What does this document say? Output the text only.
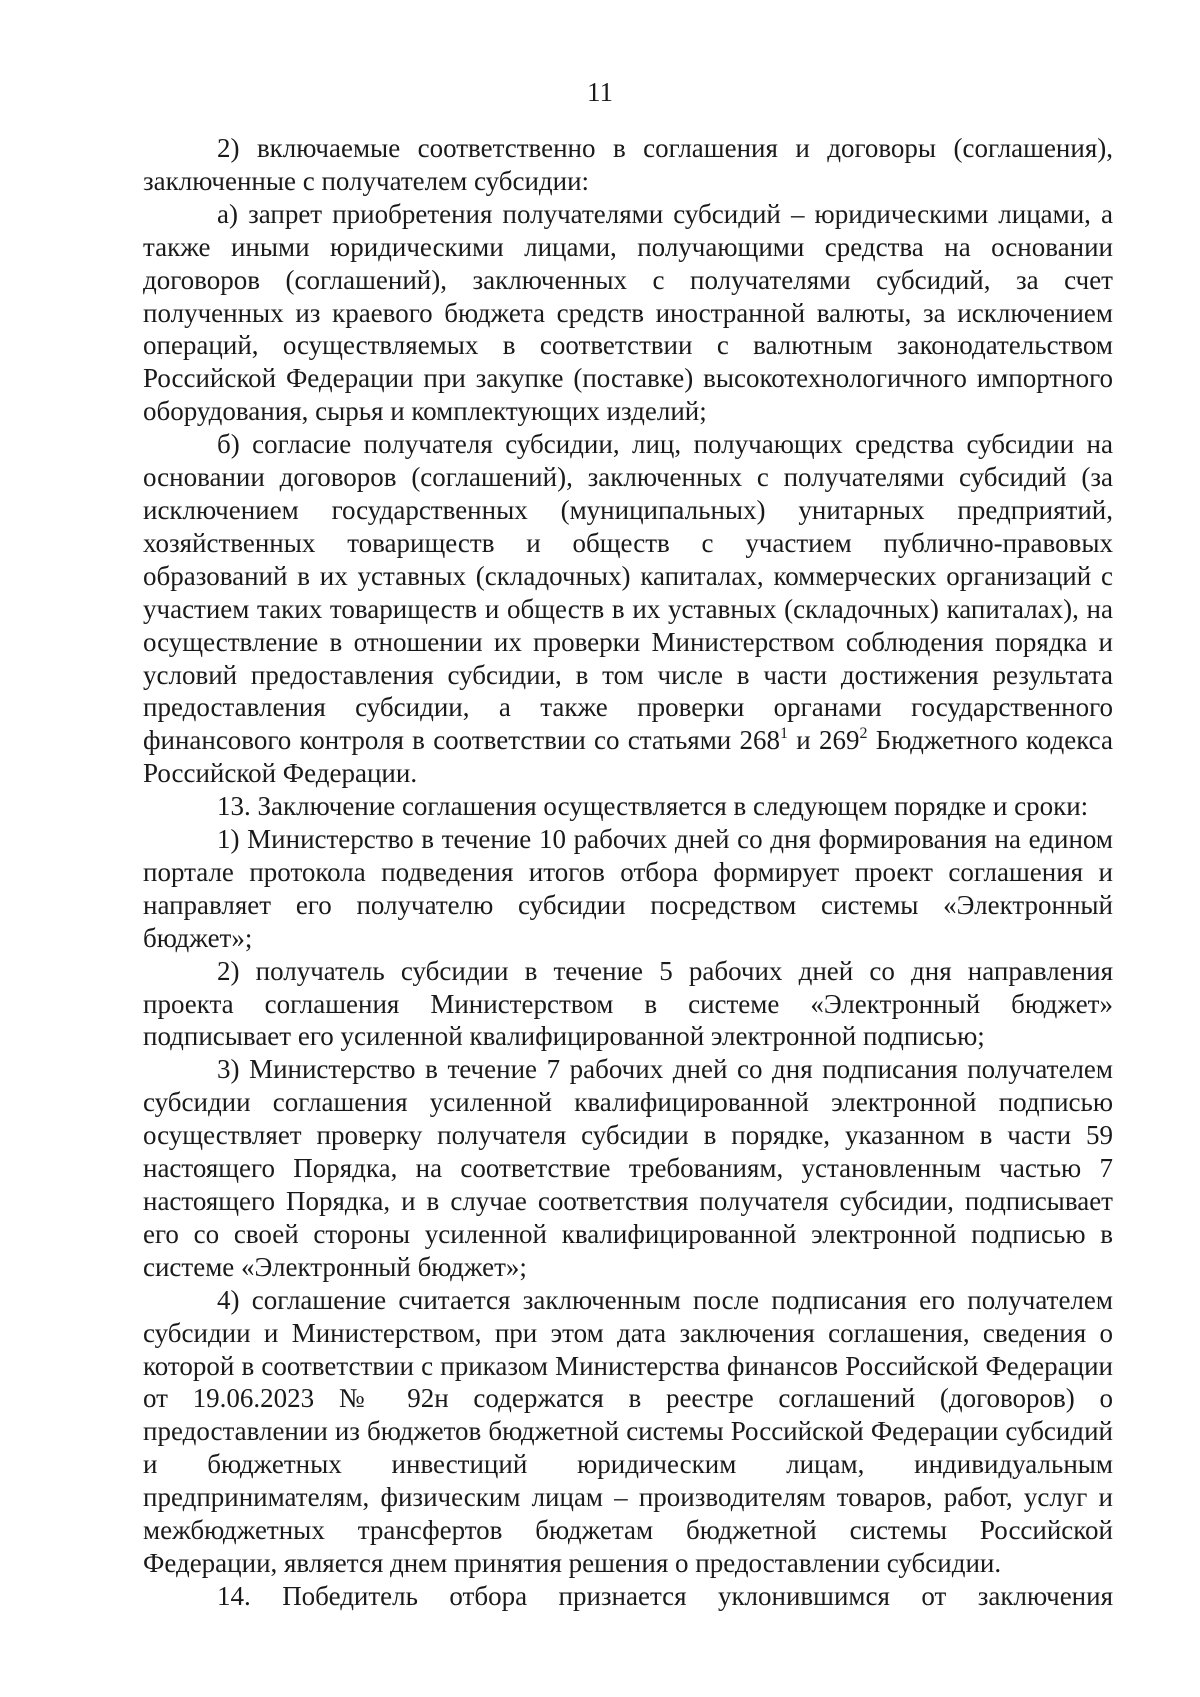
11

2) включаемые соответственно в соглашения и договоры (соглашения), заключенные с получателем субсидии:

а) запрет приобретения получателями субсидий – юридическими лицами, а также иными юридическими лицами, получающими средства на основании договоров (соглашений), заключенных с получателями субсидий, за счет полученных из краевого бюджета средств иностранной валюты, за исключением операций, осуществляемых в соответствии с валютным законодательством Российской Федерации при закупке (поставке) высокотехнологичного импортного оборудования, сырья и комплектующих изделий;

б) согласие получателя субсидии, лиц, получающих средства субсидии на основании договоров (соглашений), заключенных с получателями субсидий (за исключением государственных (муниципальных) унитарных предприятий, хозяйственных товариществ и обществ с участием публично-правовых образований в их уставных (складочных) капиталах, коммерческих организаций с участием таких товариществ и обществ в их уставных (складочных) капиталах), на осуществление в отношении их проверки Министерством соблюдения порядка и условий предоставления субсидии, в том числе в части достижения результата предоставления субсидии, а также проверки органами государственного финансового контроля в соответствии со статьями $268^1$ и $269^2$ Бюджетного кодекса Российской Федерации.

13. Заключение соглашения осуществляется в следующем порядке и сроки:

1) Министерство в течение 10 рабочих дней со дня формирования на едином портале протокола подведения итогов отбора формирует проект соглашения и направляет его получателю субсидии посредством системы «Электронный бюджет»;

2) получатель субсидии в течение 5 рабочих дней со дня направления проекта соглашения Министерством в системе «Электронный бюджет» подписывает его усиленной квалифицированной электронной подписью;

3) Министерство в течение 7 рабочих дней со дня подписания получателем субсидии соглашения усиленной квалифицированной электронной подписью осуществляет проверку получателя субсидии в порядке, указанном в части 59 настоящего Порядка, на соответствие требованиям, установленным частью 7 настоящего Порядка, и в случае соответствия получателя субсидии, подписывает его со своей стороны усиленной квалифицированной электронной подписью в системе «Электронный бюджет»;

4) соглашение считается заключенным после подписания его получателем субсидии и Министерством, при этом дата заключения соглашения, сведения о которой в соответствии с приказом Министерства финансов Российской Федерации от 19.06.2023 № 92н содержатся в реестре соглашений (договоров) о предоставлении из бюджетов бюджетной системы Российской Федерации субсидий и бюджетных инвестиций юридическим лицам, индивидуальным предпринимателям, физическим лицам – производителям товаров, работ, услуг и межбюджетных трансфертов бюджетам бюджетной системы Российской Федерации, является днем принятия решения о предоставлении субсидии.

14. Победитель отбора признается уклонившимся от заключения
